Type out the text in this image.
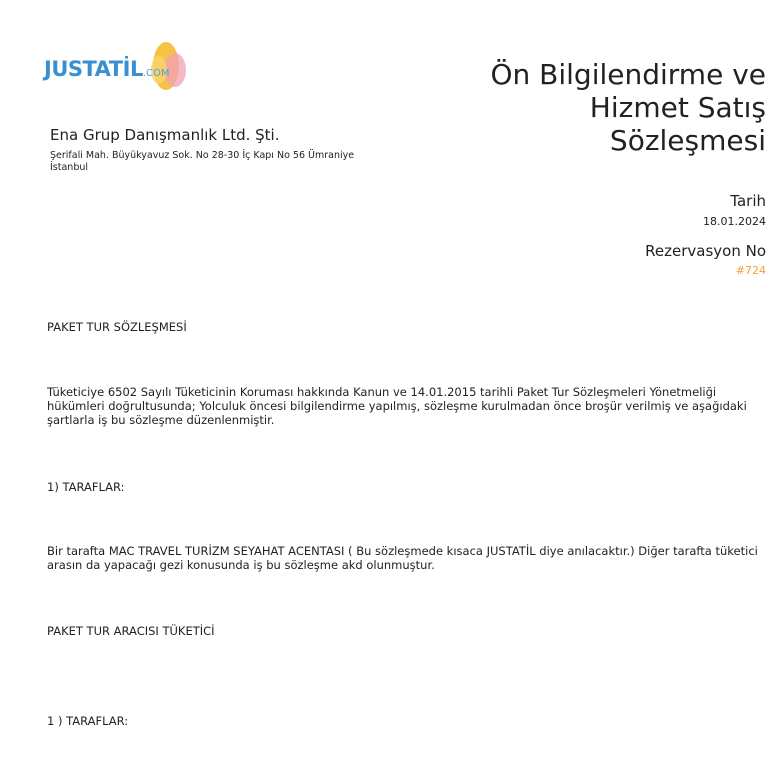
JUSTATİL.COM
Ena Grup Danışmanlık Ltd. Şti.
Şerifali Mah. Büyükyavuz Sok. No 28-30 İç Kapı No 56 Ümraniye
İstanbul
Ön Bilgilendirme ve
Hizmet Satış
Sözleşmesi
Tarih
18.01.2024
Rezervasyon No
#724
PAKET TUR SÖZLEŞMESİ
Tüketiciye 6502 Sayılı Tüketicinin Koruması hakkında Kanun ve 14.01.2015 tarihli Paket Tur Sözleşmeleri Yönetmeliği hükümleri doğrultusunda; Yolculuk öncesi bilgilendirme yapılmış, sözleşme kurulmadan önce broşür verilmiş ve aşağıdaki şartlarla iş bu sözleşme düzenlenmiştir.
1) TARAFLAR:
Bir tarafta MAC TRAVEL TURİZM SEYAHAT ACENTASI ( Bu sözleşmede kısaca JUSTATİL diye anılacaktır.) Diğer tarafta tüketici arasın da yapacağı gezi konusunda iş bu sözleşme akd olunmuştur.
PAKET TUR ARACISI TÜKETİCİ
1 ) TARAFLAR:
